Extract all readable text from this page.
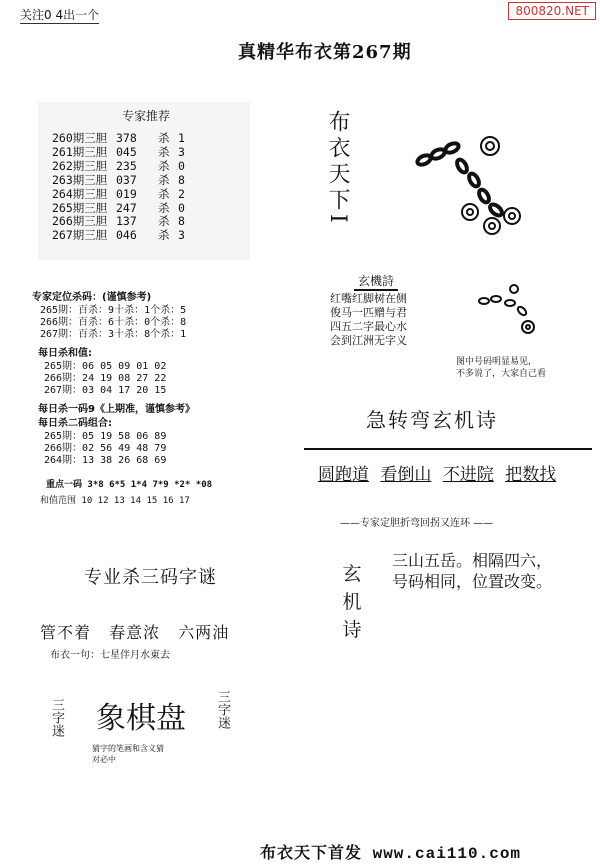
关注0 4出一个	800820.NET
真精华布衣第267期
专家推荐
260期三胆 378 杀 1
261期三胆 045 杀 3
262期三胆 235 杀 0
263期三胆 037 杀 8
264期三胆 019 杀 2
265期三胆 247 杀 0
266期三胆 137 杀 8
267期三胆 046 杀 3
专家定位杀码：(谨慎参考)
265期：百杀：9十杀：1个杀：5
266期：百杀：6十杀：0个杀：8
267期：百杀：3十杀：8个杀：1
每日杀和值:
265期：06 05 09 01 02
266期：24 19 08 27 22
267期：03 04 17 20 15
每日杀一码9《上期准，谨慎参考》
每日杀二码组合:
265期：05 19 58 06 89
266期：02 56 49 48 79
264期：13 38 26 68 69
重点一码 3*8 6*5 1*4 7*9 *2* *08
和值范围 10 12 13 14 15 16 17
布衣天下I
玄機詩
红嘴红脚树在侧
俊马一匹赠与君
四五二字最心水
会到江洲无字义
图中号码明显易见,
不多说了，大家自己看
急转弯玄机诗
圆跑道 看倒山 不进院 把数找
——专家定胆折弯回拐又连环 ——
玄机诗
三山五岳。相隔四六，
号码相同，位置改变。
专业杀三码字谜
管不着 春意浓 六两油
布衣一句：七星伴月水東去
三字迷 象棋盘 三字迷
猜字的笔画和含义猜
对必中
布衣天下首发 www.cai110.com
